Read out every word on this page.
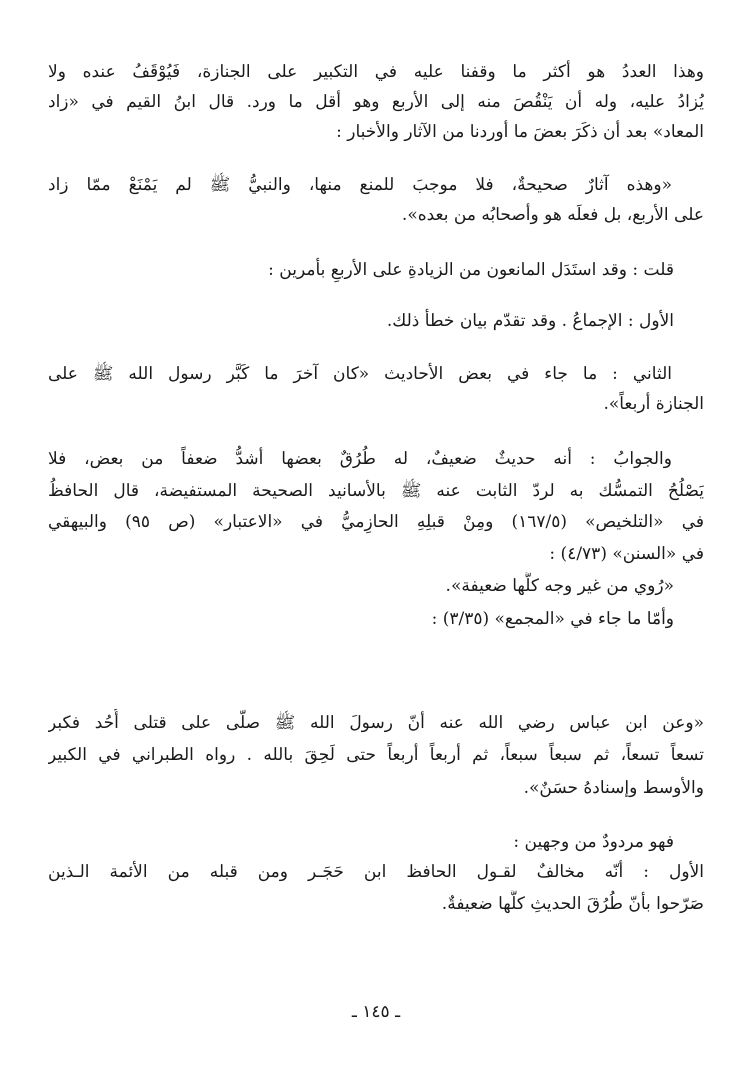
وهذا العددُ هو أكثر ما وقفنا عليه في التكبير على الجنازة، فَيُوْقَفُ عنده ولا
يُزادُ عليه، وله أن يَنْقُصَ منه إلى الأربع وهو أقل ما ورد. قال ابنُ القيم في «زاد
المعاد» بعد أن ذكَرَ بعضَ ما أوردنا من الآثار والأخبار :
«وهذه آثارٌ صحيحةٌ، فلا موجبَ للمنع منها، والنبيُّ ﷺ لم يَمْنَعْ ممّا زاد
على الأربع، بل فعلَه هو وأصحابُه من بعده».
قلت : وقد استَدَل المانعون من الزيادةِ على الأربعِ بأمرين :
الأول : الإجماعُ . وقد تقدّم بيان خطأ ذلك.
الثاني : ما جاء في بعض الأحاديث «كان آخرَ ما كَبَّر رسول الله ﷺ على
الجنازة أربعاً».
والجوابُ : أنه حديثٌ ضعيفٌ، له طُرُقٌ بعضها أشدُّ ضعفاً من بعض، فلا
يَصْلُحُ التمسُّك به لردّ الثابت عنه ﷺ بالأسانيد الصحيحة المستفيضة، قال الحافظُ
في «التلخيص» (١٦٧/٥) ومِنْ قبلِهِ الحازِميُّ في «الاعتبار» (ص ٩٥) والبيهقي
في «السنن» (٤/٧٣) :
«رُوي من غير وجه كلُّها ضعيفة».
وأمّا ما جاء في «المجمع» (٣/٣٥) :
«وعن ابن عباس رضي الله عنه أنّ رسولَ الله ﷺ صلّى على قتلى أُحُد فكبر
تسعاً تسعاً، ثم سبعاً سبعاً، ثم أربعاً أربعاً حتى لَحِقَ بالله . رواه الطبراني في الكبير
والأوسط وإسنادهُ حسَنٌ».
فهو مردودٌ من وجهين :
الأول : أنّه مخالفٌ لقـول الحافظ ابن حَجَـر ومن قبله من الأئمة الـذين
صَرّحوا بأنّ طُرُقَ الحديثِ كلَّها ضعيفةٌ.
ـ ١٤٥ ـ
